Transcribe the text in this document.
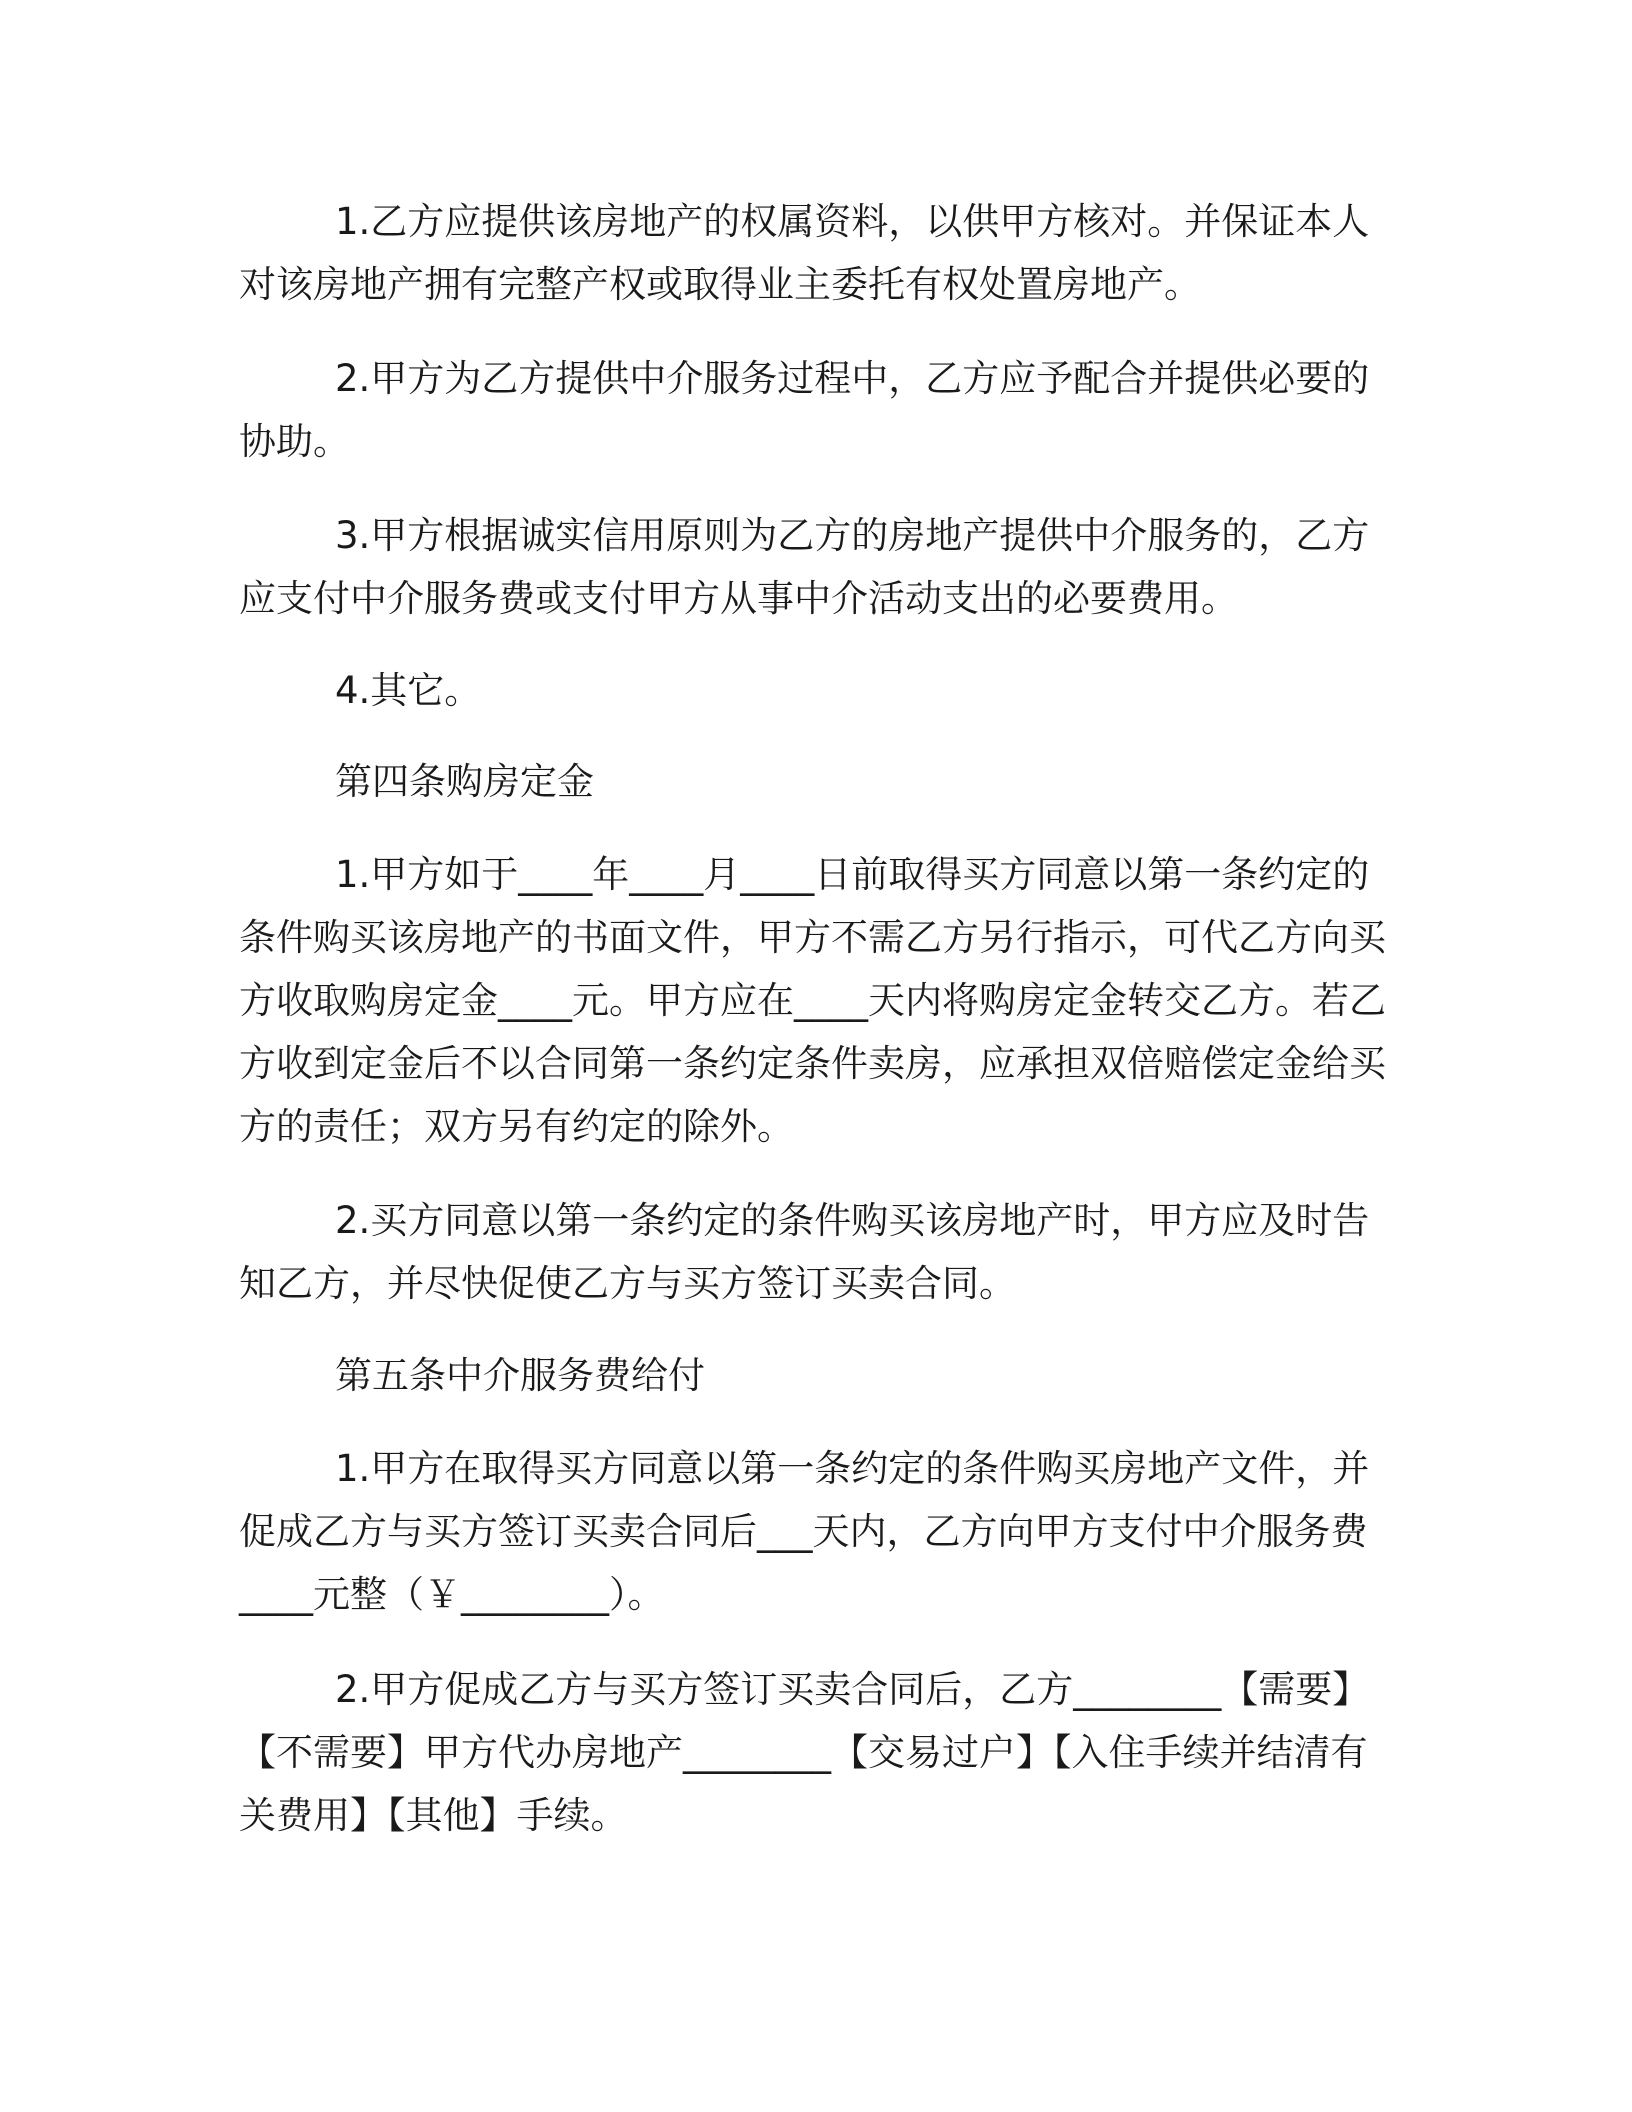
1.乙方应提供该房地产的权属资料，以供甲方核对。并保证本人对该房地产拥有完整产权或取得业主委托有权处置房地产。

2.甲方为乙方提供中介服务过程中，乙方应予配合并提供必要的协助。

3.甲方根据诚实信用原则为乙方的房地产提供中介服务的，乙方应支付中介服务费或支付甲方从事中介活动支出的必要费用。

4.其它。

第四条购房定金

1.甲方如于____年____月____日前取得买方同意以第一条约定的条件购买该房地产的书面文件，甲方不需乙方另行指示，可代乙方向买方收取购房定金____元。甲方应在____天内将购房定金转交乙方。若乙方收到定金后不以合同第一条约定条件卖房，应承担双倍赔偿定金给买方的责任；双方另有约定的除外。

2.买方同意以第一条约定的条件购买该房地产时，甲方应及时告知乙方，并尽快促使乙方与买方签订买卖合同。

第五条中介服务费给付

1.甲方在取得买方同意以第一条约定的条件购买房地产文件，并促成乙方与买方签订买卖合同后___天内，乙方向甲方支付中介服务费____元整（￥________）。

2.甲方促成乙方与买方签订买卖合同后，乙方________【需要】【不需要】甲方代办房地产________【交易过户】【入住手续并结清有关费用】【其他】手续。
